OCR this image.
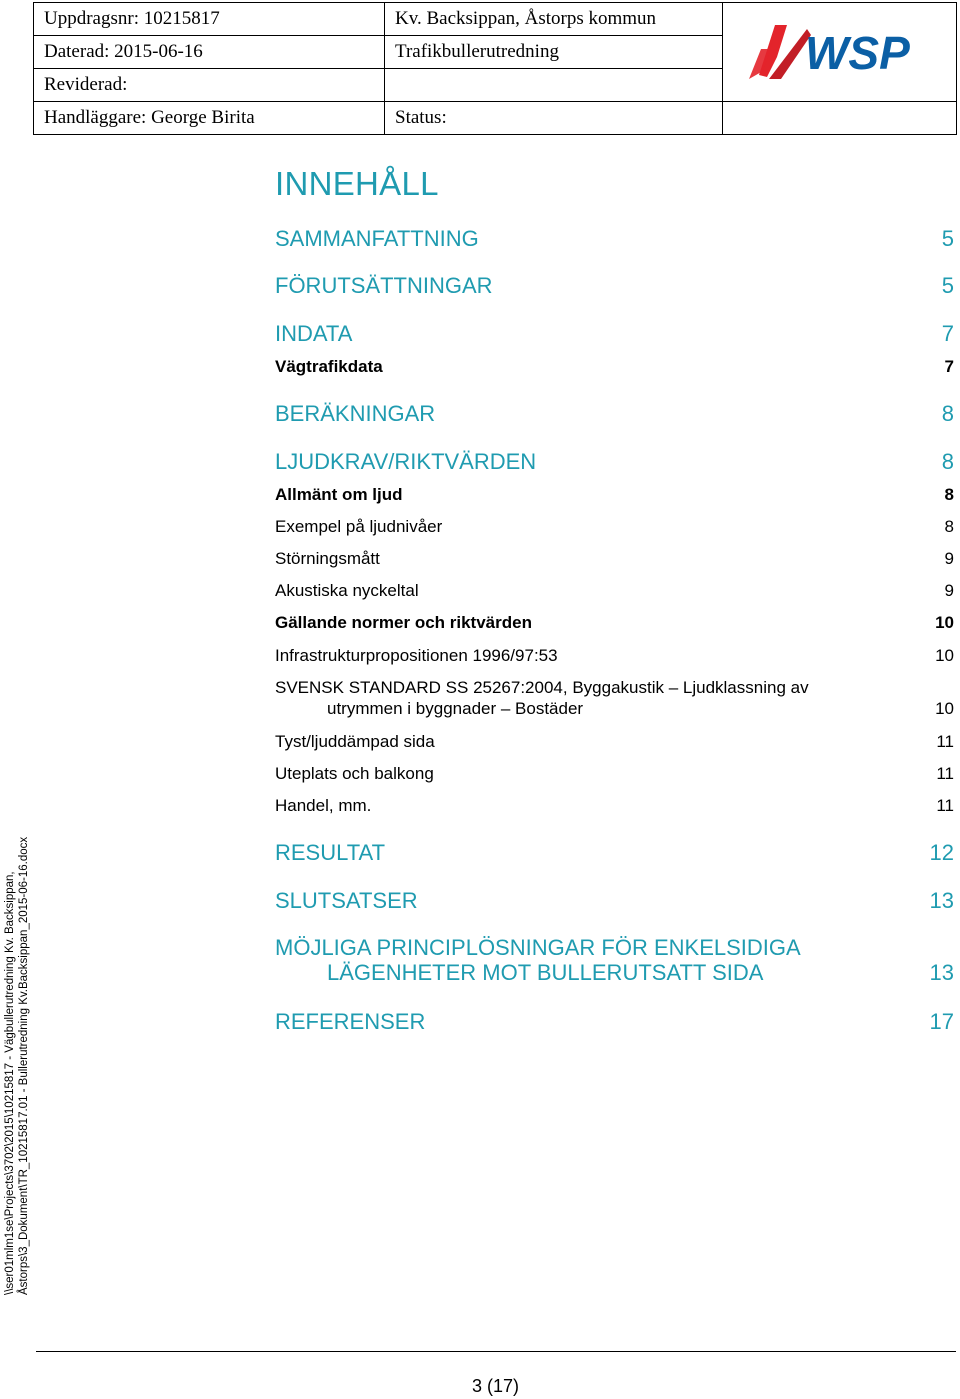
Uppdragsnr: 10215817	Kv. Backsippan, Åstorps kommun	WSP

Daterad: 2015-06-16	Trafikbullerutredning	
Reviderad:		
Handläggare: George Birita	Status:	
INNEHÅLL
SAMMANFATTNING	5
FÖRUTSÄTTNINGAR	5
INDATA	7
Vägtrafikdata	7
BERÄKNINGAR	8
LJUDKRAV/RIKTVÄRDEN	8
Allmänt om ljud	8
Exempel på ljudnivåer	8
Störningsmått	9
Akustiska nyckeltal	9
Gällande normer och riktvärden	10
Infrastrukturpropositionen 1996/97:53	10
SVENSK STANDARD SS 25267:2004, Byggakustik – Ljudklassning av
utrymmen i byggnader – Bostäder	10
Tyst/ljuddämpad sida	11
Uteplats och balkong	11
Handel, mm.	11
RESULTAT	12
SLUTSATSER	13
MÖJLIGA PRINCIPLÖSNINGAR FÖR ENKELSIDIGA
LÄGENHETER MOT BULLERUTSATT SIDA	13
REFERENSER	17
\\ser01mlm1se\Projects\3702\2015\10215817 - Vägbullerutredning Kv. Backsippan, Åstorps\3_Dokument\TR_10215817.01 - Bullerutredning Kv.Backsippan_2015-06-16.docx
3 (17)
